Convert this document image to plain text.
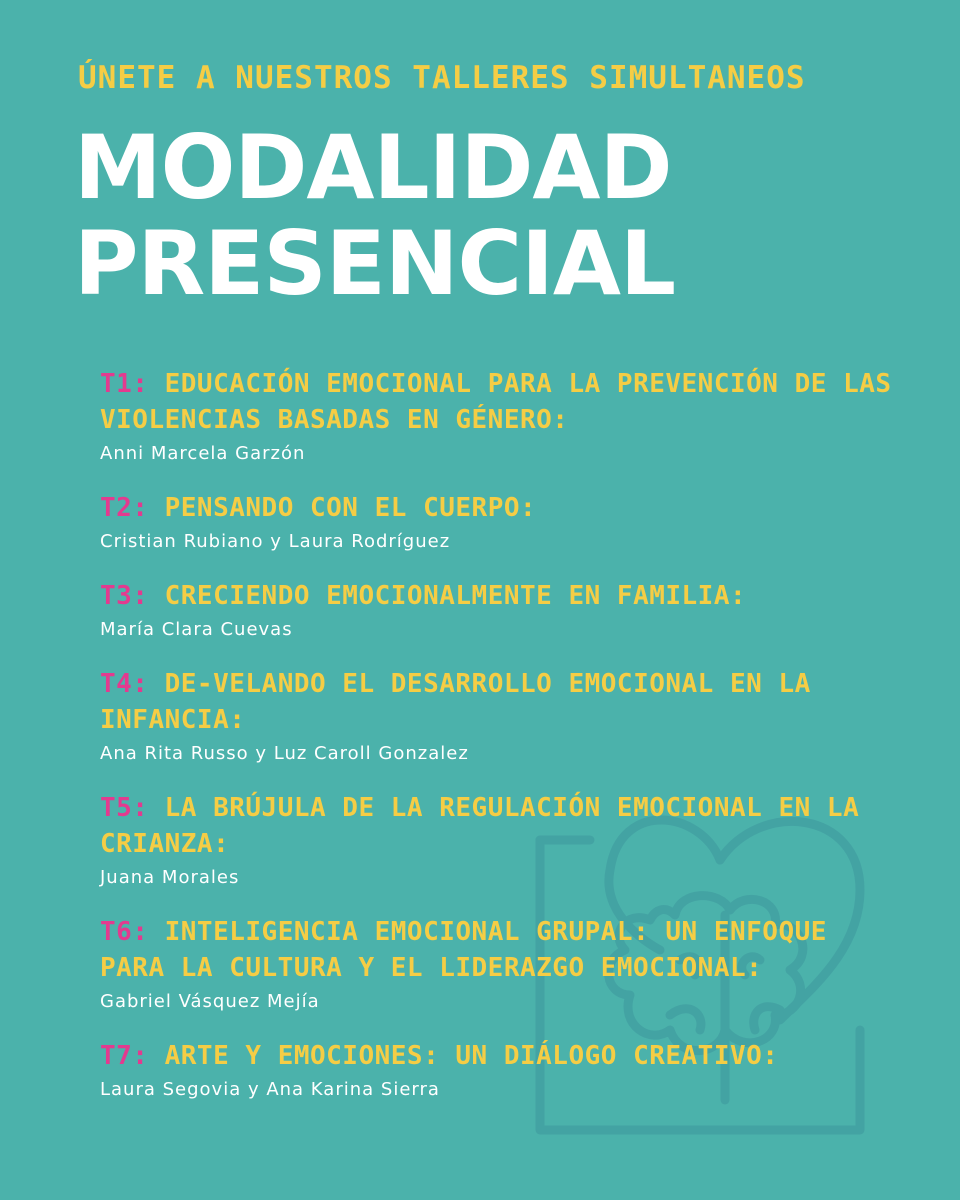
ÚNETE A NUESTROS TALLERES SIMULTANEOS
MODALIDAD
PRESENCIAL
T1: EDUCACIÓN EMOCIONAL PARA LA PREVENCIÓN DE LAS VIOLENCIAS BASADAS EN GÉNERO:
Anni Marcela Garzón
T2: PENSANDO CON EL CUERPO:
Cristian Rubiano y Laura Rodríguez
T3: CRECIENDO EMOCIONALMENTE EN FAMILIA:
María Clara Cuevas
T4: DE-VELANDO EL DESARROLLO EMOCIONAL EN LA INFANCIA:
Ana Rita Russo y Luz Caroll Gonzalez
T5: LA BRÚJULA DE LA REGULACIÓN EMOCIONAL EN LA CRIANZA:
Juana Morales
T6: INTELIGENCIA EMOCIONAL GRUPAL: UN ENFOQUE PARA LA CULTURA Y EL LIDERAZGO EMOCIONAL:
Gabriel Vásquez Mejía
T7: ARTE Y EMOCIONES: UN DIÁLOGO CREATIVO:
Laura Segovia y Ana Karina Sierra
